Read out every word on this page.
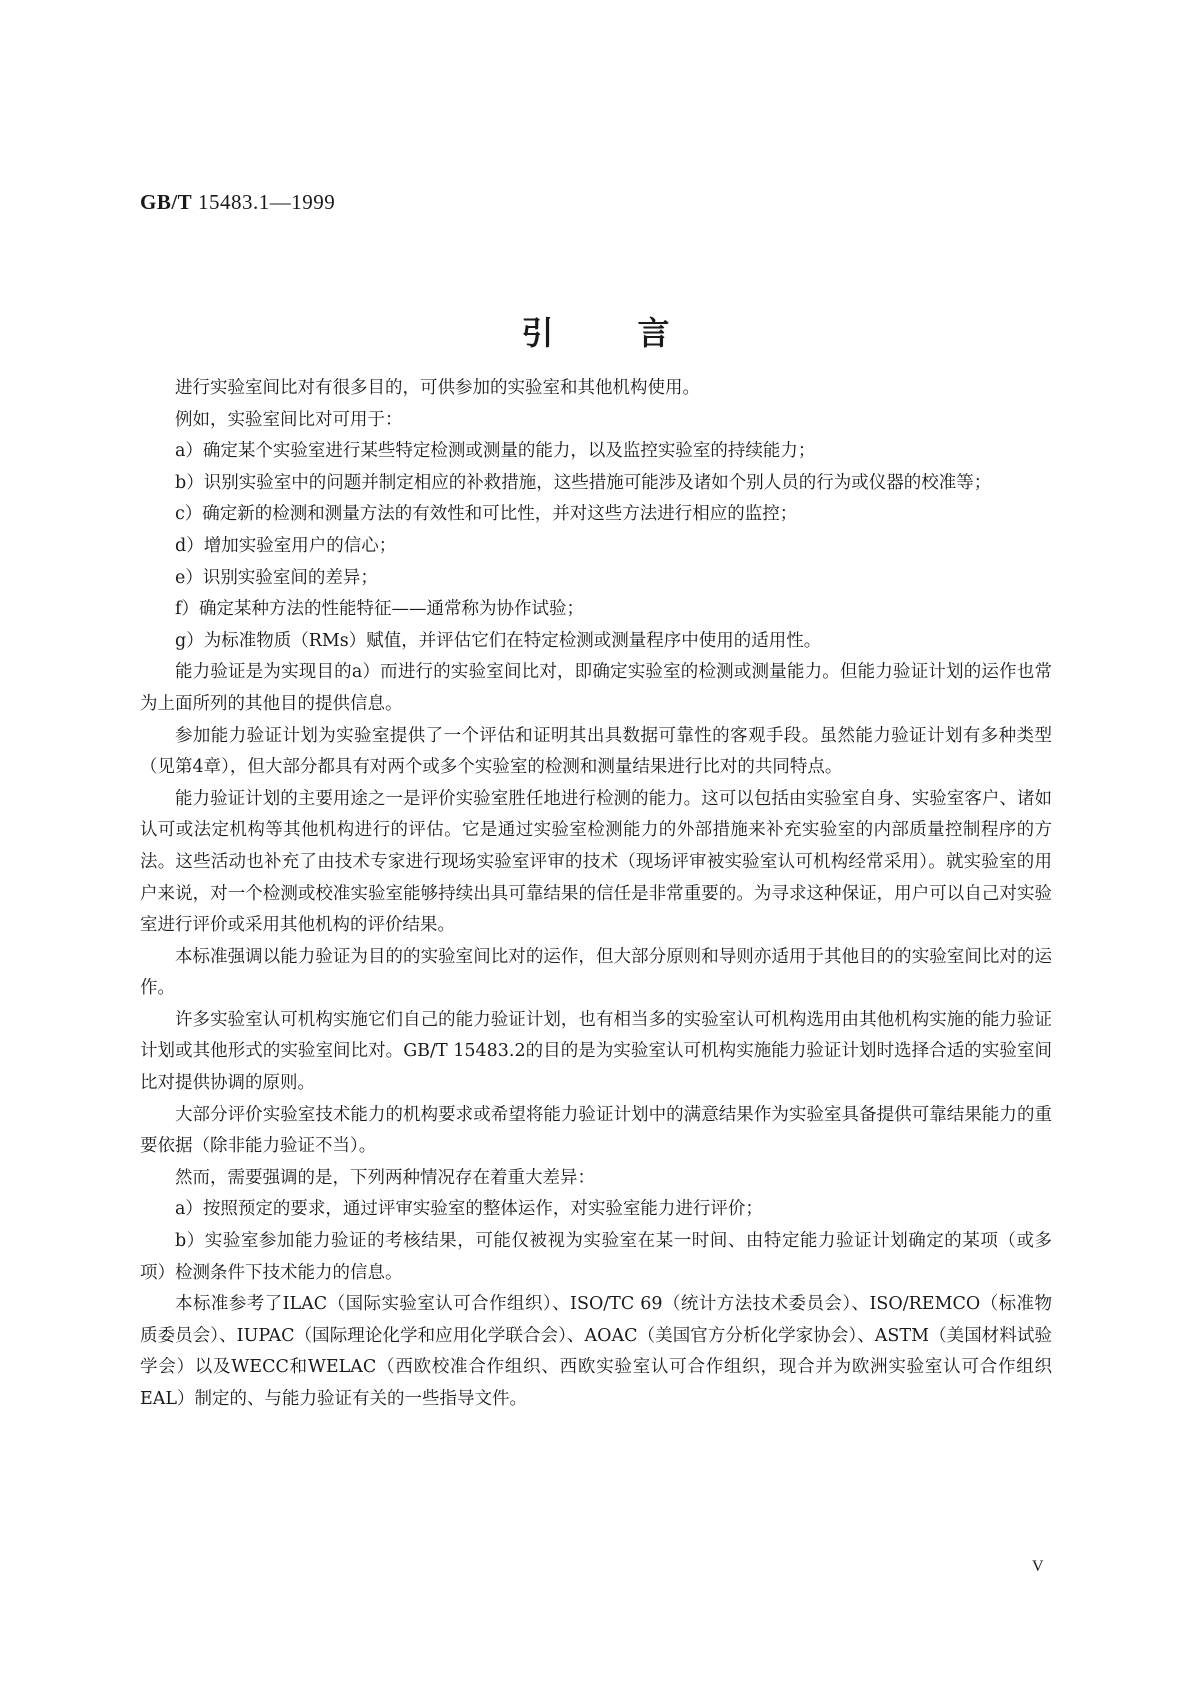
GB/T 15483.1—1999

引言

进行实验室间比对有很多目的，可供参加的实验室和其他机构使用。

例如，实验室间比对可用于：

a）确定某个实验室进行某些特定检测或测量的能力，以及监控实验室的持续能力；

b）识别实验室中的问题并制定相应的补救措施，这些措施可能涉及诸如个别人员的行为或仪器的校准等；

c）确定新的检测和测量方法的有效性和可比性，并对这些方法进行相应的监控；

d）增加实验室用户的信心；

e）识别实验室间的差异；

f）确定某种方法的性能特征——通常称为协作试验；

g）为标准物质（RMs）赋值，并评估它们在特定检测或测量程序中使用的适用性。

能力验证是为实现目的a）而进行的实验室间比对，即确定实验室的检测或测量能力。但能力验证计划的运作也常为上面所列的其他目的提供信息。

参加能力验证计划为实验室提供了一个评估和证明其出具数据可靠性的客观手段。虽然能力验证计划有多种类型（见第4章），但大部分都具有对两个或多个实验室的检测和测量结果进行比对的共同特点。

能力验证计划的主要用途之一是评价实验室胜任地进行检测的能力。这可以包括由实验室自身、实验室客户、诸如认可或法定机构等其他机构进行的评估。它是通过实验室检测能力的外部措施来补充实验室的内部质量控制程序的方法。这些活动也补充了由技术专家进行现场实验室评审的技术（现场评审被实验室认可机构经常采用）。就实验室的用户来说，对一个检测或校准实验室能够持续出具可靠结果的信任是非常重要的。为寻求这种保证，用户可以自己对实验室进行评价或采用其他机构的评价结果。

本标准强调以能力验证为目的的实验室间比对的运作，但大部分原则和导则亦适用于其他目的的实验室间比对的运作。

许多实验室认可机构实施它们自己的能力验证计划，也有相当多的实验室认可机构选用由其他机构实施的能力验证计划或其他形式的实验室间比对。GB/T 15483.2的目的是为实验室认可机构实施能力验证计划时选择合适的实验室间比对提供协调的原则。

大部分评价实验室技术能力的机构要求或希望将能力验证计划中的满意结果作为实验室具备提供可靠结果能力的重要依据（除非能力验证不当）。

然而，需要强调的是，下列两种情况存在着重大差异：

a）按照预定的要求，通过评审实验室的整体运作，对实验室能力进行评价；

b）实验室参加能力验证的考核结果，可能仅被视为实验室在某一时间、由特定能力验证计划确定的某项（或多项）检测条件下技术能力的信息。

本标准参考了ILAC（国际实验室认可合作组织）、ISO/TC 69（统计方法技术委员会）、ISO/REMCO（标准物质委员会）、IUPAC（国际理论化学和应用化学联合会）、AOAC（美国官方分析化学家协会）、ASTM（美国材料试验学会）以及WECC和WELAC（西欧校准合作组织、西欧实验室认可合作组织，现合并为欧洲实验室认可合作组织EAL）制定的、与能力验证有关的一些指导文件。

V
